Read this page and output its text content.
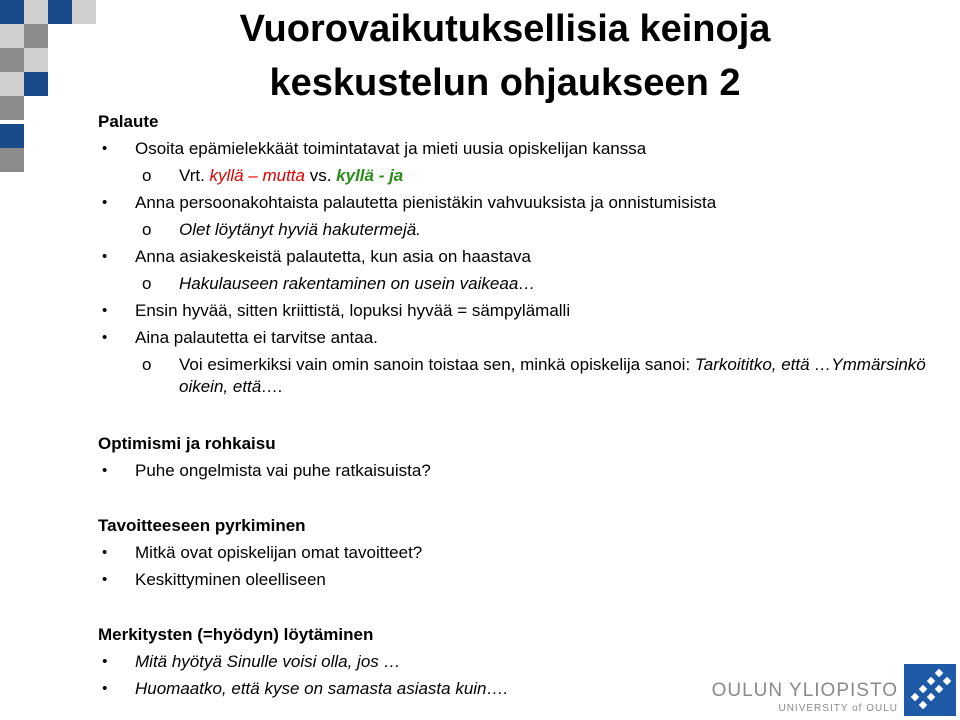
Vuorovaikutuksellisia keinoja
keskustelun ohjaukseen 2
Palaute
• Osoita epämielekkäät toimintatavat ja mieti uusia opiskelijan kanssa
o Vrt. kyllä – mutta vs. kyllä - ja
• Anna persoonakohtaista palautetta pienistäkin vahvuuksista ja onnistumisista
o Olet löytänyt hyviä hakutermejä.
• Anna asiakeskeistä palautetta, kun asia on haastava
o Hakulauseen rakentaminen on usein vaikeaa…
• Ensin hyvää, sitten kriittistä, lopuksi hyvää = sämpylämalli
• Aina palautetta ei tarvitse antaa.
o Voi esimerkiksi vain omin sanoin toistaa sen, minkä opiskelija sanoi: Tarkoititko, että …Ymmärsinkö oikein, että….
Optimismi ja rohkaisu
• Puhe ongelmista vai puhe ratkaisuista?
Tavoitteeseen pyrkiminen
• Mitkä ovat opiskelijan omat tavoitteet?
• Keskittyminen oleelliseen
Merkitysten (=hyödyn) löytäminen
• Mitä hyötyä Sinulle voisi olla, jos …
• Huomaatko, että kyse on samasta asiasta kuin….	OULUN YLIOPISTO
UNIVERSITY of OULU
